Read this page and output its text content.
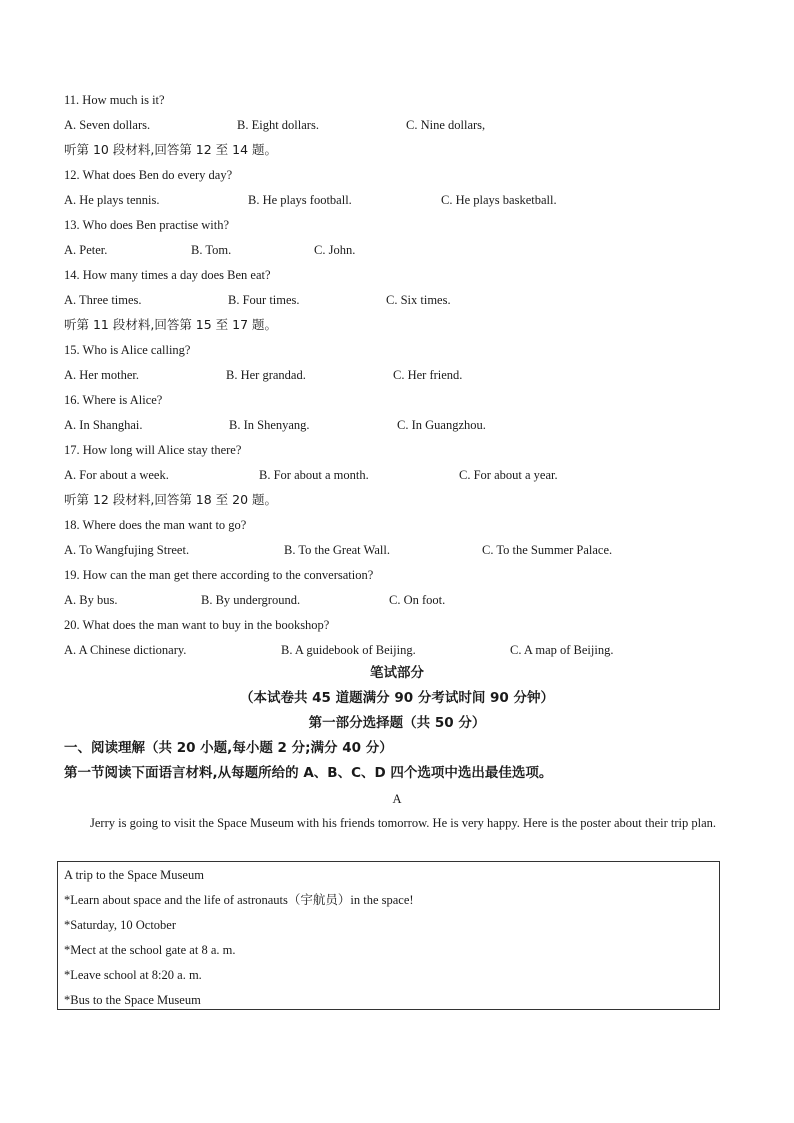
11. How much is it?
A. Seven dollars.	B. Eight dollars.	C. Nine dollars,
听第 10 段材料,回答第 12 至 14 题。
12. What does Ben do every day?
A. He plays tennis.	B. He plays football.	C. He plays basketball.
13. Who does Ben practise with?
A. Peter.	B. Tom.	C. John.
14. How many times a day does Ben eat?
A. Three times.	B. Four times.	C. Six times.
听第 11 段材料,回答第 15 至 17 题。
15. Who is Alice calling?
A. Her mother.	B. Her grandad.	C. Her friend.
16. Where is Alice?
A. In Shanghai.	B. In Shenyang.	C. In Guangzhou.
17. How long will Alice stay there?
A. For about a week.	B. For about a month.	C. For about a year.
听第 12 段材料,回答第 18 至 20 题。
18. Where does the man want to go?
A. To Wangfujing Street.	B. To the Great Wall.	C. To the Summer Palace.
19. How can the man get there according to the conversation?
A. By bus.	B. By underground.	C. On foot.
20. What does the man want to buy in the bookshop?
A. A Chinese dictionary.	B. A guidebook of Beijing.	C. A map of Beijing.
笔试部分
（本试卷共 45 道题满分 90 分考试时间 90 分钟）
第一部分选择题（共 50 分）
一、阅读理解（共 20 小题,每小题 2 分;满分 40 分）
第一节阅读下面语言材料,从每题所给的 A、B、C、D 四个选项中选出最佳选项。
A
Jerry is going to visit the Space Museum with his friends tomorrow. He is very happy. Here is the poster about their trip plan.
A trip to the Space Museum
*Learn about space and the life of astronauts（宇航员）in the space!
*Saturday, 10 October
*Mect at the school gate at 8 a. m.
*Leave school at 8:20 a. m.
*Bus to the Space Museum
